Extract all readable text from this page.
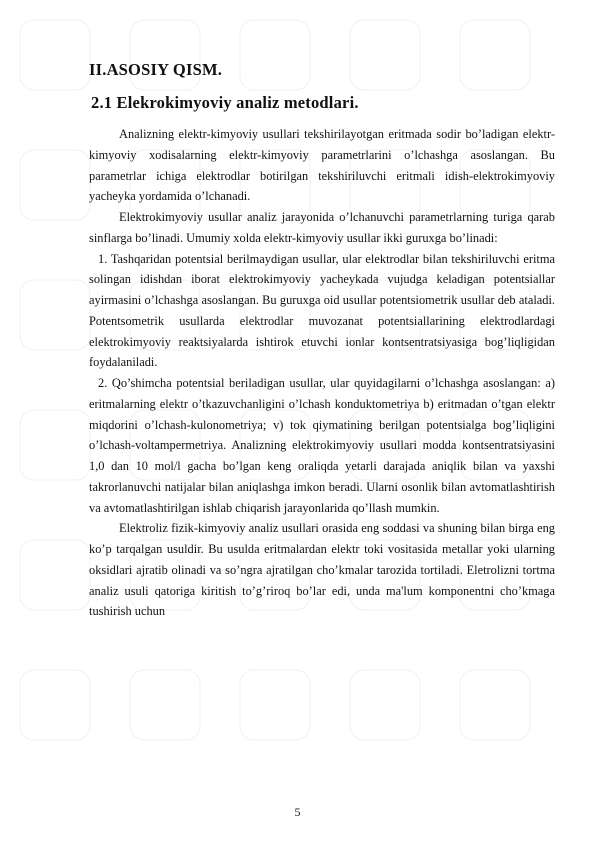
II.ASOSIY QISM.
2.1 Elekrokimyoviy analiz metodlari.

Analizning elektr-kimyoviy usullari tekshirilayotgan eritmada sodir bo’ladigan elektr-kimyoviy xodisalarning elektr-kimyoviy parametrlarini o’lchashga asoslangan. Bu parametrlar ichiga elektrodlar botirilgan tekshiriluvchi eritmali idish-elektrokimyoviy yacheyka yordamida o’lchanadi.

Elektrokimyoviy usullar analiz jarayonida o’lchanuvchi parametrlarning turiga qarab sinflarga bo’linadi. Umumiy xolda elektr-kimyoviy usullar ikki guruxga bo’linadi:

1. Tashqaridan potentsial berilmaydigan usullar, ular elektrodlar bilan tekshiriluvchi eritma solingan idishdan iborat elektrokimyoviy yacheykada vujudga keladigan potentsiallar ayirmasini o’lchashga asoslangan. Bu guruxga oid usullar potentsiometrik usullar deb ataladi. Potentsometrik usullarda elektrodlar muvozanat potentsiallarining elektrodlardagi elektrokimyoviy reaktsiyalarda ishtirok etuvchi ionlar kontsentratsiyasiga bog’liqligidan foydalaniladi.

2. Qo’shimcha potentsial beriladigan usullar, ular quyidagilarni o’lchashga asoslangan: a) eritmalarning elektr o’tkazuvchanligini o’lchash konduktometriya b) eritmadan o’tgan elektr miqdorini o’lchash-kulonometriya; v) tok qiymatining berilgan potentsialga bog’liqligini o’lchash-voltampermetriya. Analizning elektrokimyoviy usullari modda kontsentratsiyasini 1,0 dan 10 mol/l gacha bo’lgan keng oraliqda yetarli darajada aniqlik bilan va yaxshi takrorlanuvchi natijalar bilan aniqlashga imkon beradi. Ularni osonlik bilan avtomatlashtirish va avtomatlashtirilgan ishlab chiqarish jarayonlarida qo’llash mumkin.

Elektroliz fizik-kimyoviy analiz usullari orasida eng soddasi va shuning bilan birga eng ko’p tarqalgan usuldir. Bu usulda eritmalardan elektr toki vositasida metallar yoki ularning oksidlari ajratib olinadi va so’ngra ajratilgan cho’kmalar tarozida tortiladi. Eletrolizni tortma analiz usuli qatoriga kiritish to’g’riroq bo’lar edi, unda ma'lum komponentni cho’kmaga tushirish uchun

5
